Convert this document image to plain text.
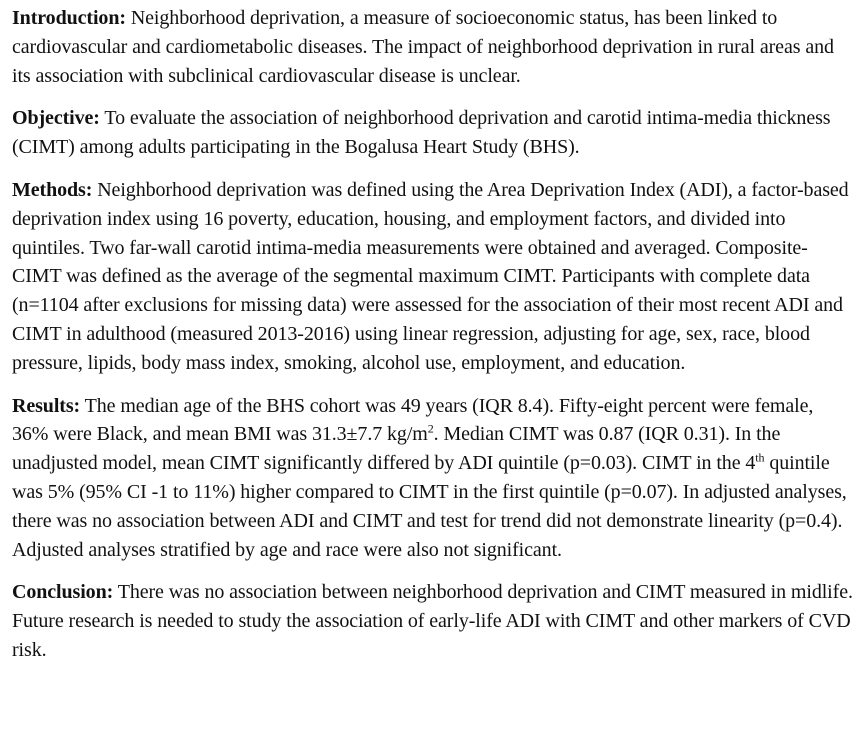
Introduction: Neighborhood deprivation, a measure of socioeconomic status, has been linked to cardiovascular and cardiometabolic diseases. The impact of neighborhood deprivation in rural areas and its association with subclinical cardiovascular disease is unclear.

Objective: To evaluate the association of neighborhood deprivation and carotid intima-media thickness (CIMT) among adults participating in the Bogalusa Heart Study (BHS).

Methods: Neighborhood deprivation was defined using the Area Deprivation Index (ADI), a factor-based deprivation index using 16 poverty, education, housing, and employment factors, and divided into quintiles. Two far-wall carotid intima-media measurements were obtained and averaged. Composite-CIMT was defined as the average of the segmental maximum CIMT. Participants with complete data (n=1104 after exclusions for missing data) were assessed for the association of their most recent ADI and CIMT in adulthood (measured 2013-2016) using linear regression, adjusting for age, sex, race, blood pressure, lipids, body mass index, smoking, alcohol use, employment, and education.

Results: The median age of the BHS cohort was 49 years (IQR 8.4). Fifty-eight percent were female, 36% were Black, and mean BMI was 31.3±7.7 $kg/m^2$. Median CIMT was 0.87 (IQR 0.31). In the unadjusted model, mean CIMT significantly differed by ADI quintile (p=0.03). CIMT in the 4th quintile was 5% (95% CI -1 to 11%) higher compared to CIMT in the first quintile (p=0.07). In adjusted analyses, there was no association between ADI and CIMT and test for trend did not demonstrate linearity (p=0.4). Adjusted analyses stratified by age and race were also not significant.

Conclusion: There was no association between neighborhood deprivation and CIMT measured in midlife. Future research is needed to study the association of early-life ADI with CIMT and other markers of CVD risk.
